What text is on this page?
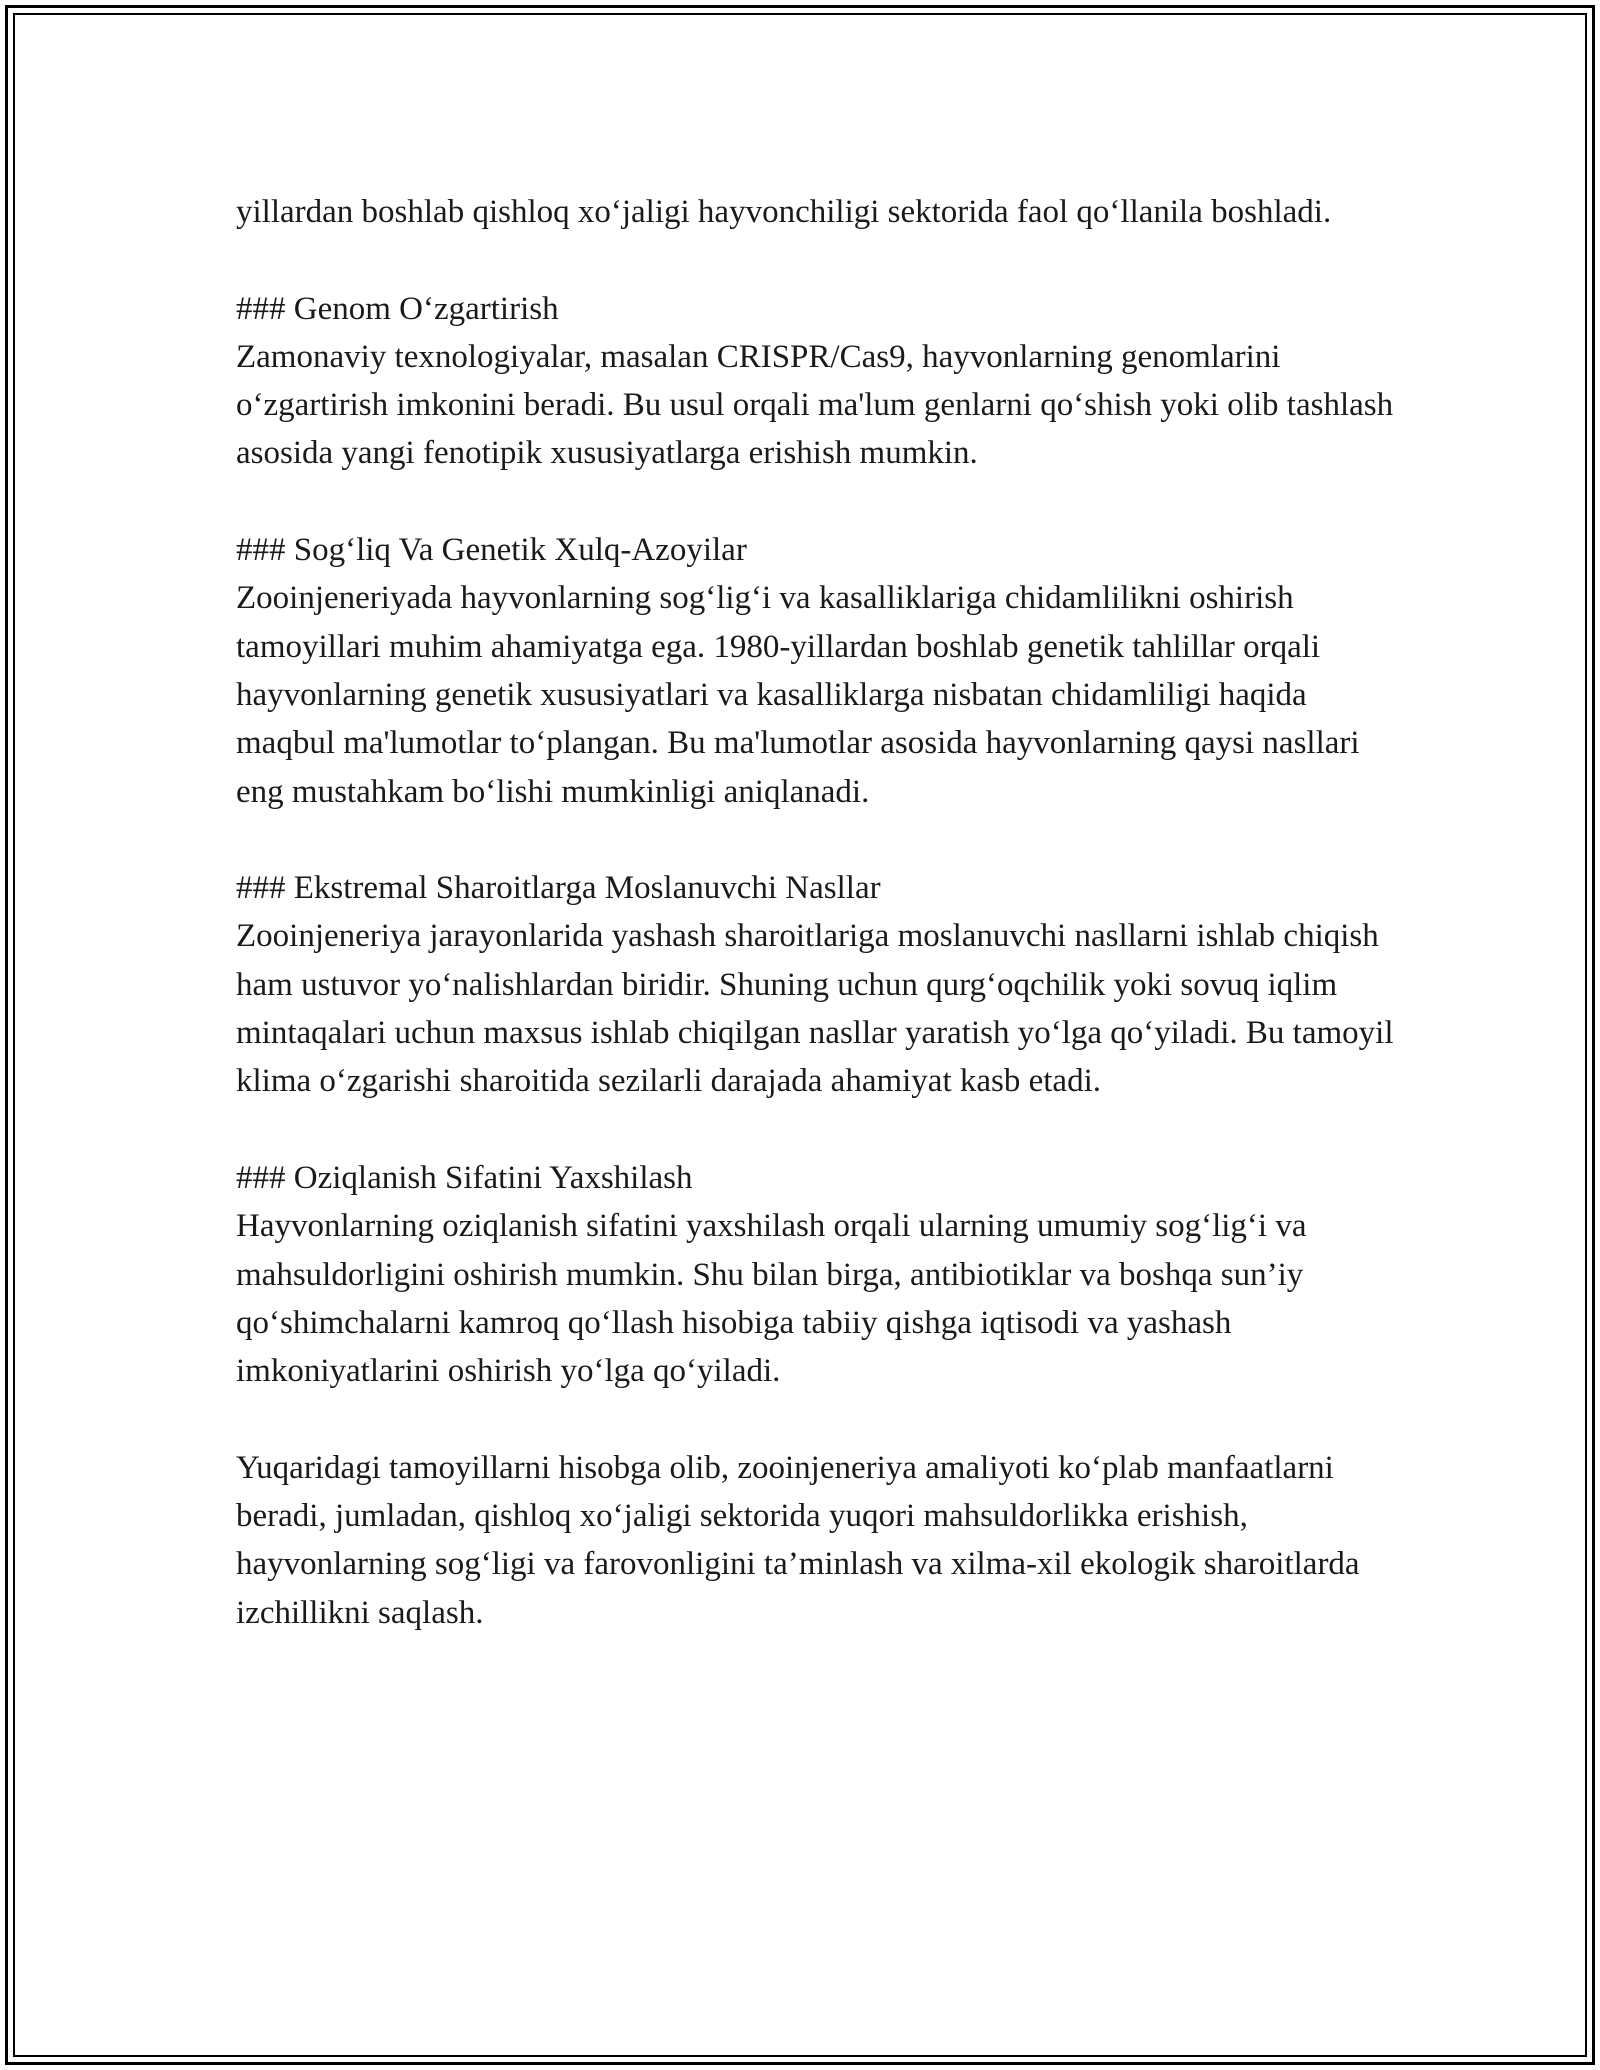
yillardan boshlab qishloq xo‘jaligi hayvonchiligi sektorida faol qo‘llanila boshladi.

### Genom O‘zgartirish
Zamonaviy texnologiyalar, masalan CRISPR/Cas9, hayvonlarning genomlarini o‘zgartirish imkonini beradi. Bu usul orqali ma'lum genlarni qo‘shish yoki olib tashlash asosida yangi fenotipik xususiyatlarga erishish mumkin.

### Sog‘liq Va Genetik Xulq-Azoyilar
Zooinjeneriyada hayvonlarning sog‘lig‘i va kasalliklariga chidamlilikni oshirish tamoyillari muhim ahamiyatga ega. 1980-yillardan boshlab genetik tahlillar orqali hayvonlarning genetik xususiyatlari va kasalliklarga nisbatan chidamliligi haqida maqbul ma'lumotlar to‘plangan. Bu ma'lumotlar asosida hayvonlarning qaysi nasllari eng mustahkam bo‘lishi mumkinligi aniqlanadi.

### Ekstremal Sharoitlarga Moslanuvchi Nasllar
Zooinjeneriya jarayonlarida yashash sharoitlariga moslanuvchi nasllarni ishlab chiqish ham ustuvor yo‘nalishlardan biridir. Shuning uchun qurg‘oqchilik yoki sovuq iqlim mintaqalari uchun maxsus ishlab chiqilgan nasllar yaratish yo‘lga qo‘yiladi. Bu tamoyil klima o‘zgarishi sharoitida sezilarli darajada ahamiyat kasb etadi.

### Oziqlanish Sifatini Yaxshilash
Hayvonlarning oziqlanish sifatini yaxshilash orqali ularning umumiy sog‘lig‘i va mahsuldorligini oshirish mumkin. Shu bilan birga, antibiotiklar va boshqa sun’iy qo‘shimchalarni kamroq qo‘llash hisobiga tabiiy qishga iqtisodi va yashash imkoniyatlarini oshirish yo‘lga qo‘yiladi.

Yuqaridagi tamoyillarni hisobga olib, zooinjeneriya amaliyoti ko‘plab manfaatlarni beradi, jumladan, qishloq xo‘jaligi sektorida yuqori mahsuldorlikka erishish, hayvonlarning sog‘ligi va farovonligini ta’minlash va xilma-xil ekologik sharoitlarda izchillikni saqlash.
